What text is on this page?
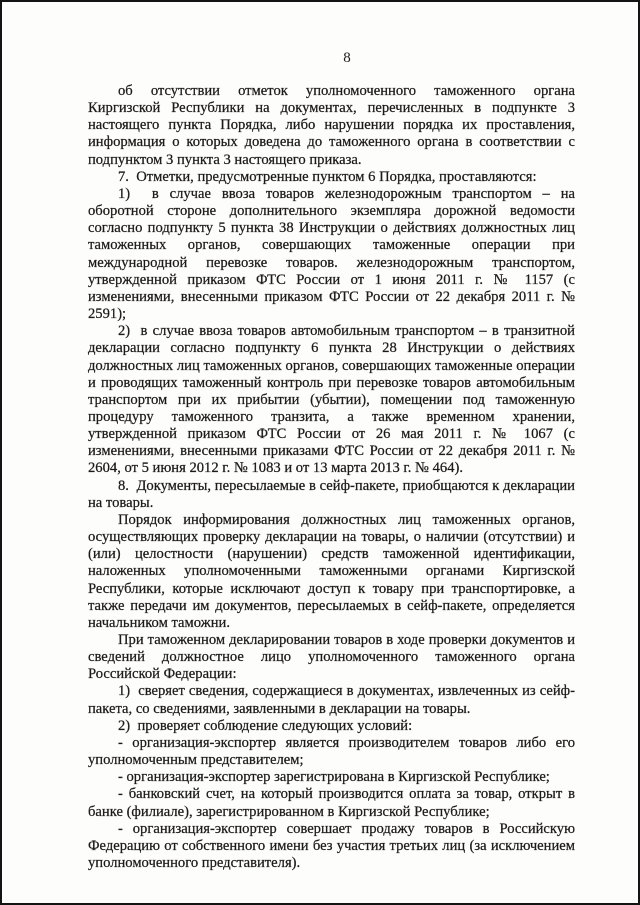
8

об отсутствии отметок уполномоченного таможенного органа Киргизской Республики на документах, перечисленных в подпункте 3 настоящего пункта Порядка, либо нарушении порядка их проставления, информация о которых доведена до таможенного органа в соответствии с подпунктом 3 пункта 3 настоящего приказа.

7.  Отметки, предусмотренные пунктом 6 Порядка, проставляются:

1)  в случае ввоза товаров железнодорожным транспортом – на оборотной стороне дополнительного экземпляра дорожной ведомости согласно подпункту 5 пункта 38 Инструкции о действиях должностных лиц таможенных органов, совершающих таможенные операции при международной перевозке товаров. железнодорожным транспортом, утвержденной приказом ФТС России от 1 июня 2011 г. № 1157 (с изменениями, внесенными приказом ФТС России от 22 декабря 2011 г. № 2591);

2)  в случае ввоза товаров автомобильным транспортом – в транзитной декларации согласно подпункту 6 пункта 28 Инструкции о действиях должностных лиц таможенных органов, совершающих таможенные операции и проводящих таможенный контроль при перевозке товаров автомобильным транспортом при их прибытии (убытии), помещении под таможенную процедуру таможенного транзита, а также временном хранении, утвержденной приказом ФТС России от 26 мая 2011 г. № 1067 (с изменениями, внесенными приказами ФТС России от 22 декабря 2011 г. № 2604, от 5 июня 2012 г. № 1083 и от 13 марта 2013 г. № 464).

8.  Документы, пересылаемые в сейф-пакете, приобщаются к декларации на товары.

Порядок информирования должностных лиц таможенных органов, осуществляющих проверку декларации на товары, о наличии (отсутствии) и (или) целостности (нарушении) средств таможенной идентификации, наложенных уполномоченными таможенными органами Киргизской Республики, которые исключают доступ к товару при транспортировке, а также передачи им документов, пересылаемых в сейф-пакете, определяется начальником таможни.

При таможенном декларировании товаров в ходе проверки документов и сведений должностное лицо уполномоченного таможенного органа Российской Федерации:

1)  сверяет сведения, содержащиеся в документах, извлеченных из сейф-пакета, со сведениями, заявленными в декларации на товары.

2)  проверяет соблюдение следующих условий:

- организация-экспортер является производителем товаров либо его уполномоченным представителем;

- организация-экспортер зарегистрирована в Киргизской Республике;

- банковский счет, на который производится оплата за товар, открыт в банке (филиале), зарегистрированном в Киргизской Республике;

- организация-экспортер совершает продажу товаров в Российскую Федерацию от собственного имени без участия третьих лиц (за исключением уполномоченного представителя).
